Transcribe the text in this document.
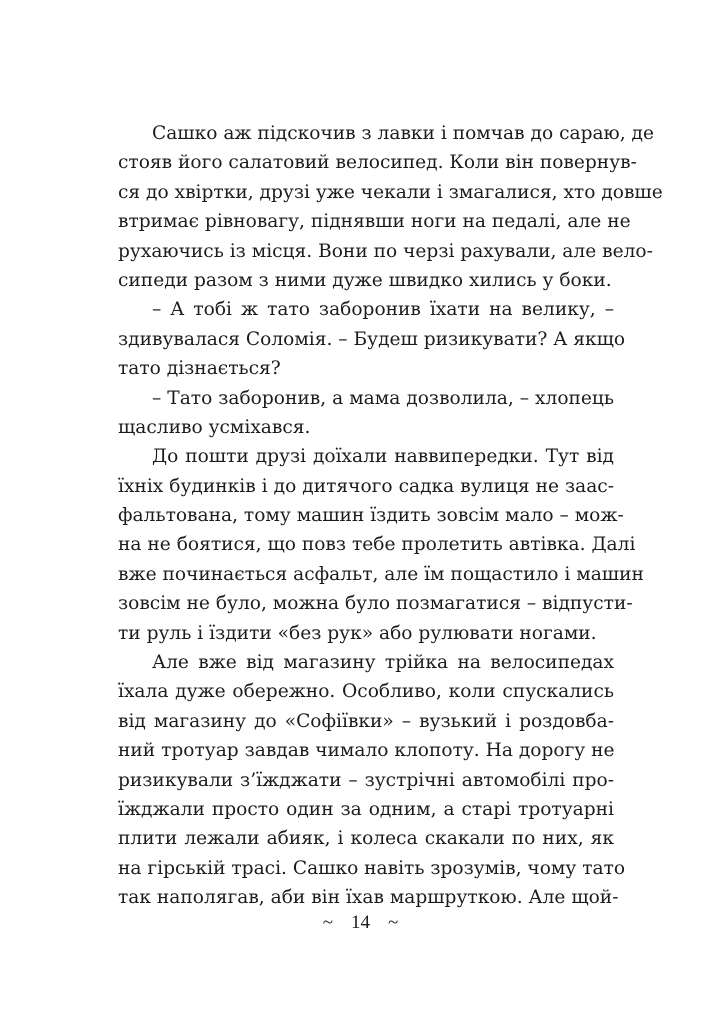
Сашко аж підскочив з лавки і помчав до сараю, де
стояв його салатовий велосипед. Коли він повернув-
ся до хвіртки, друзі уже чекали і змагалися, хто довше
втримає рівновагу, піднявши ноги на педалі, але не
рухаючись із місця. Вони по черзі рахували, але вело-
сипеди разом з ними дуже швидко хились у боки.
– А тобі ж тато заборонив їхати на велику, –
здивувалася Соломія. – Будеш ризикувати? А якщо
тато дізнається?
– Тато заборонив, а мама дозволила, – хлопець
щасливо усміхався.
До пошти друзі доїхали наввипередки. Тут від
їхніх будинків і до дитячого садка вулиця не заас-
фальтована, тому машин їздить зовсім мало – мож-
на не боятися, що повз тебе пролетить автівка. Далі
вже починається асфальт, але їм пощастило і машин
зовсім не було, можна було позмагатися – відпусти-
ти руль і їздити «без рук» або рулювати ногами.
Але вже від магазину трійка на велосипедах
їхала дуже обережно. Особливо, коли спускались
від магазину до «Софіївки» – вузький і роздовба-
ний тротуар завдав чимало клопоту. На дорогу не
ризикували з’їжджати – зустрічні автомобілі про-
їжджали просто один за одним, а старі тротуарні
плити лежали абияк, і колеса скакали по них, як
на гірській трасі. Сашко навіть зрозумів, чому тато
так наполягав, аби він їхав маршруткою. Але щой-
~ 14 ~
